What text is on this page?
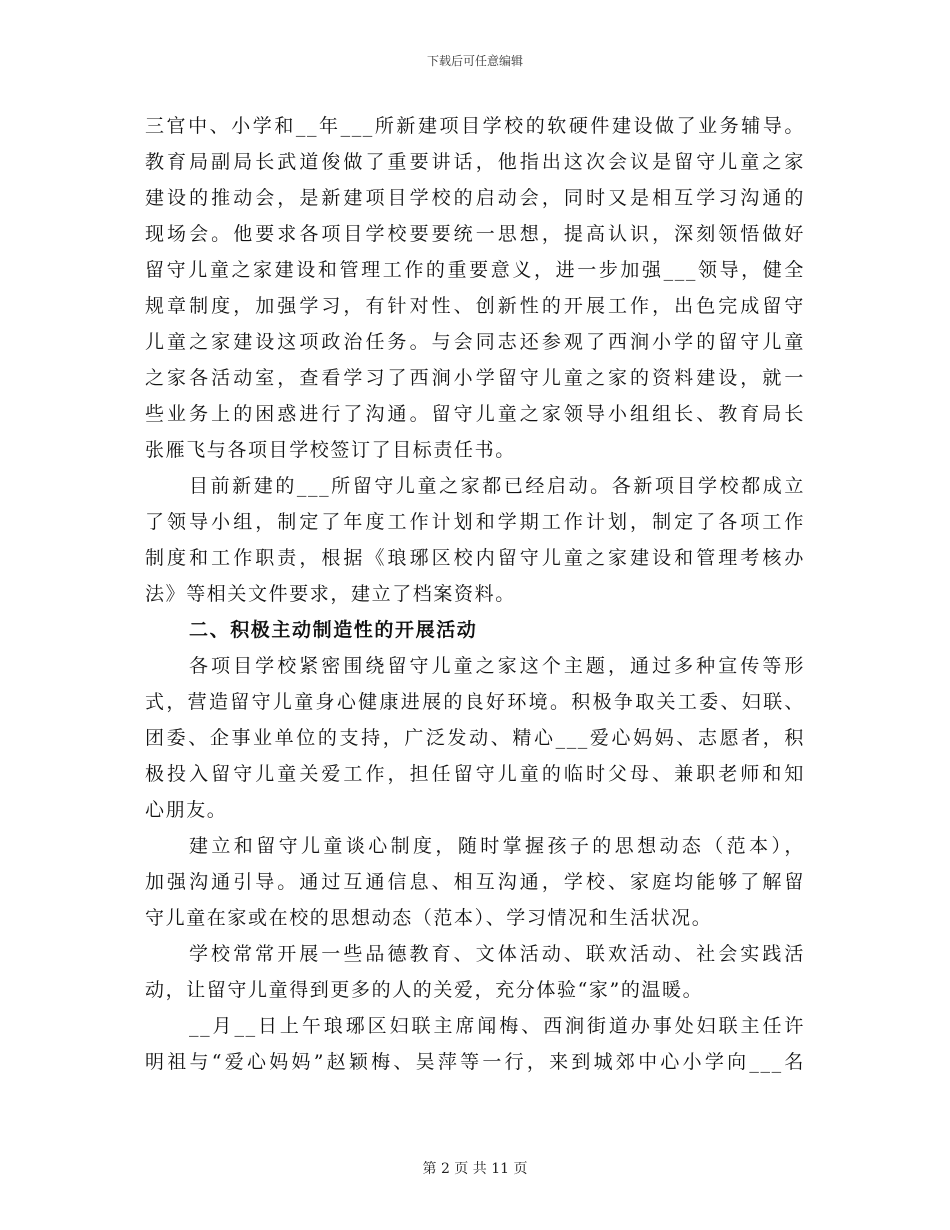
下载后可任意编辑
三官中、小学和__年___所新建项目学校的软硬件建设做了业务辅导。
教育局副局长武道俊做了重要讲话，他指出这次会议是留守儿童之家
建设的推动会，是新建项目学校的启动会，同时又是相互学习沟通的
现场会。他要求各项目学校要要统一思想，提高认识，深刻领悟做好
留守儿童之家建设和管理工作的重要意义，进一步加强___领导，健全
规章制度，加强学习，有针对性、创新性的开展工作，出色完成留守
儿童之家建设这项政治任务。与会同志还参观了西涧小学的留守儿童
之家各活动室，查看学习了西涧小学留守儿童之家的资料建设，就一
些业务上的困惑进行了沟通。留守儿童之家领导小组组长、教育局长
张雁飞与各项目学校签订了目标责任书。
目前新建的___所留守儿童之家都已经启动。各新项目学校都成立
了领导小组，制定了年度工作计划和学期工作计划，制定了各项工作
制度和工作职责，根据《琅琊区校内留守儿童之家建设和管理考核办
法》等相关文件要求，建立了档案资料。
二、积极主动制造性的开展活动
各项目学校紧密围绕留守儿童之家这个主题，通过多种宣传等形
式，营造留守儿童身心健康进展的良好环境。积极争取关工委、妇联、
团委、企事业单位的支持，广泛发动、精心___爱心妈妈、志愿者，积
极投入留守儿童关爱工作，担任留守儿童的临时父母、兼职老师和知
心朋友。
建立和留守儿童谈心制度，随时掌握孩子的思想动态（范本），
加强沟通引导。通过互通信息、相互沟通，学校、家庭均能够了解留
守儿童在家或在校的思想动态（范本）、学习情况和生活状况。
学校常常开展一些品德教育、文体活动、联欢活动、社会实践活
动，让留守儿童得到更多的人的关爱，充分体验“家”的温暖。
__月__日上午琅琊区妇联主席闻梅、西涧街道办事处妇联主任许
明祖与“爱心妈妈”赵颖梅、吴萍等一行，来到城郊中心小学向___名
第 2 页 共 11 页
